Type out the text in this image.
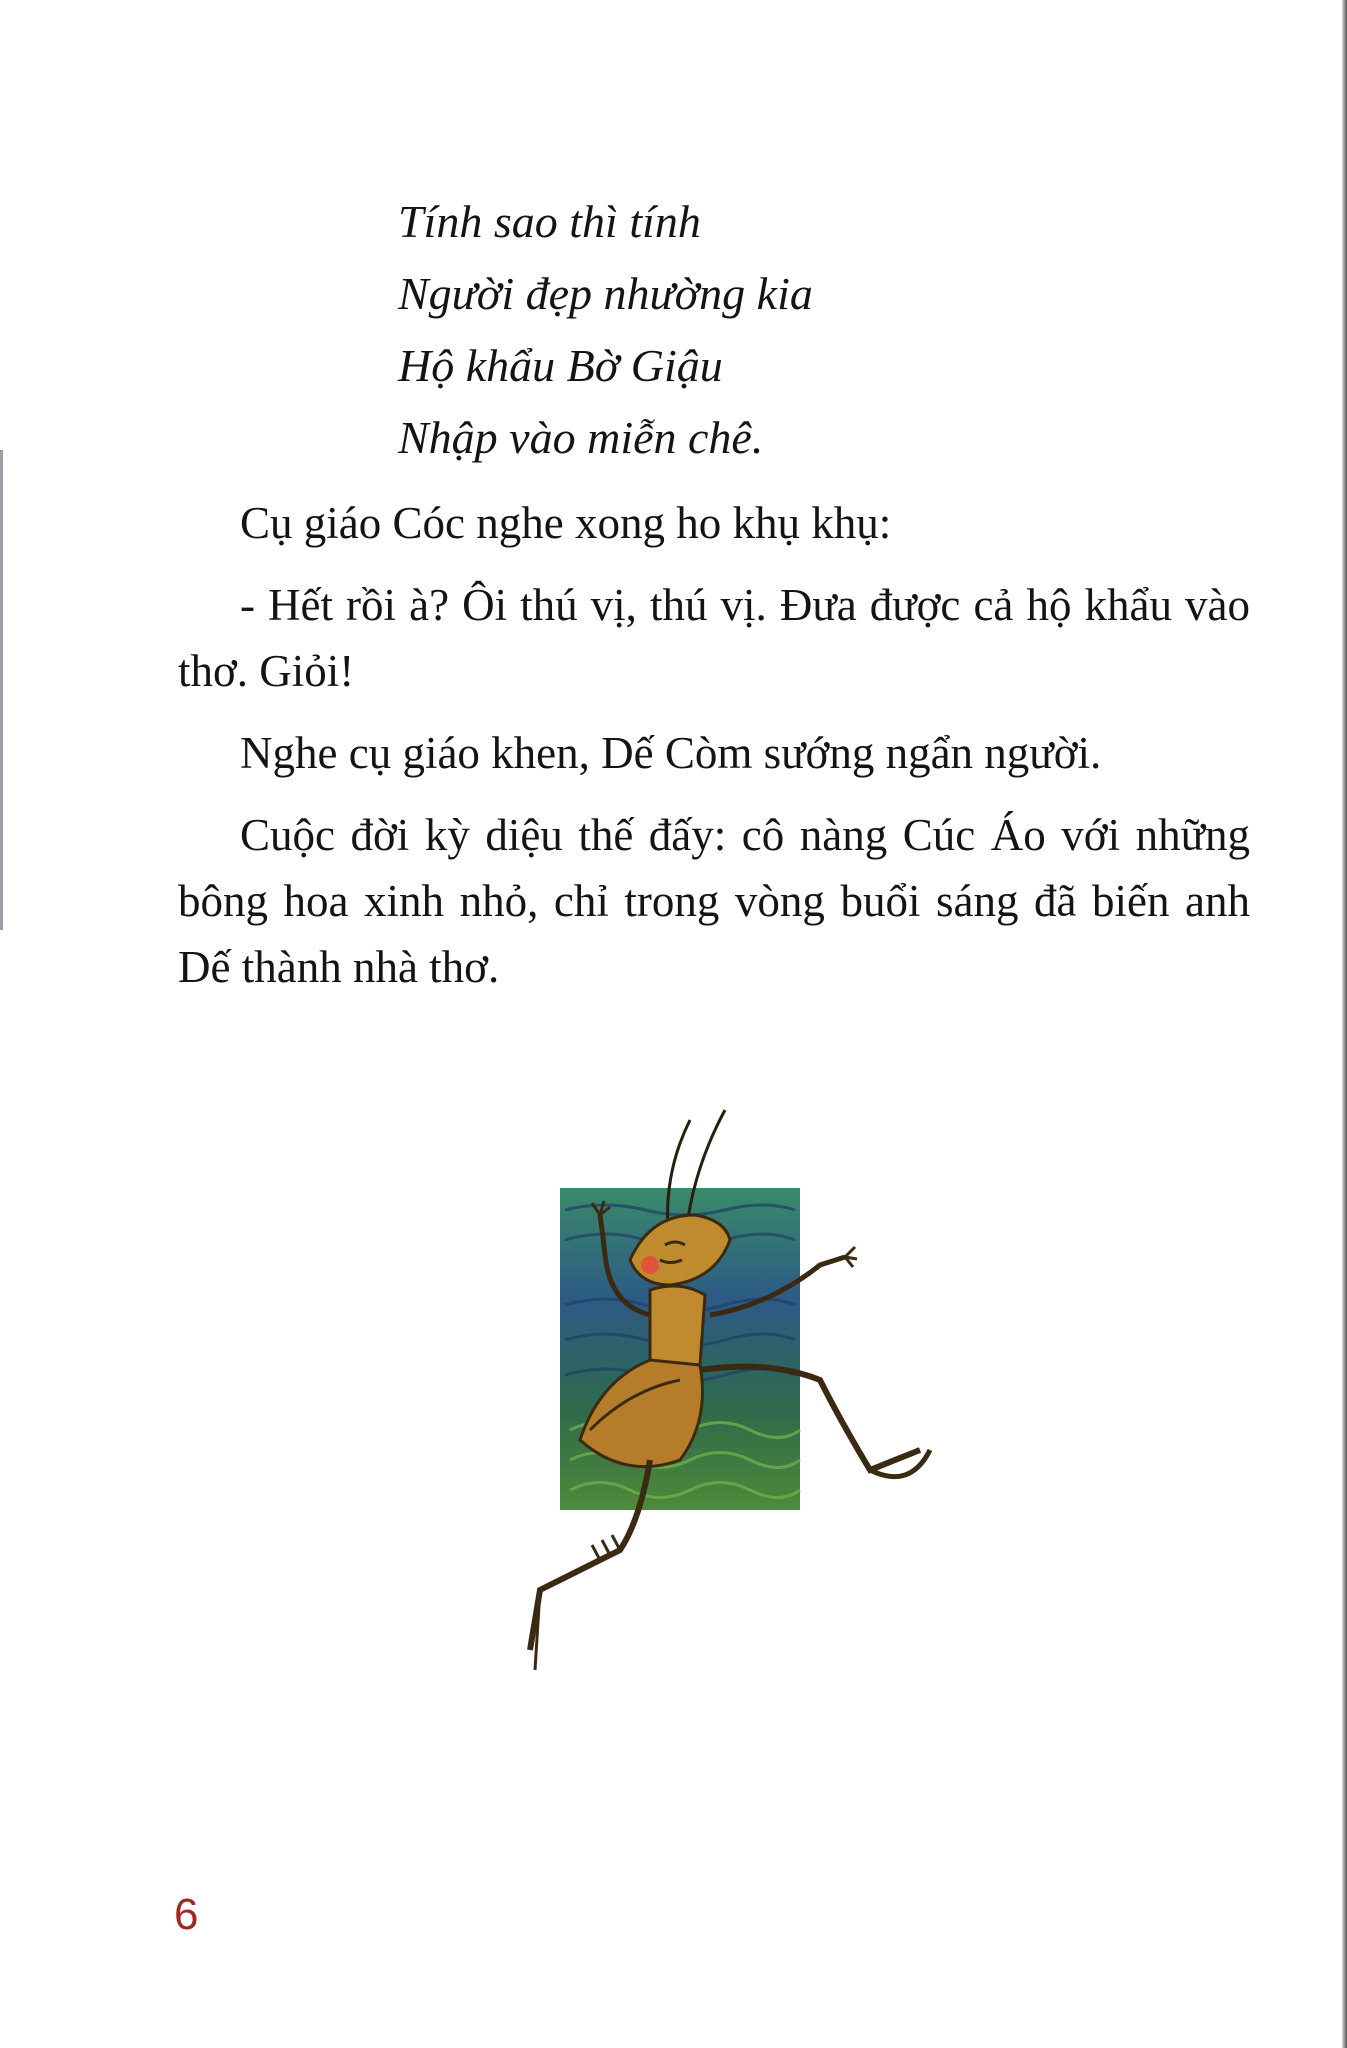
Tính sao thì tính
Người đẹp nhường kia
Hộ khẩu Bờ Giậu
Nhập vào miễn chê.

Cụ giáo Cóc nghe xong ho khụ khụ:

- Hết rồi à? Ôi thú vị, thú vị. Đưa được cả hộ khẩu vào thơ. Giỏi!

Nghe cụ giáo khen, Dế Còm sướng ngẩn người.

Cuộc đời kỳ diệu thế đấy: cô nàng Cúc Áo với những bông hoa xinh nhỏ, chỉ trong vòng buổi sáng đã biến anh Dế thành nhà thơ.

6
